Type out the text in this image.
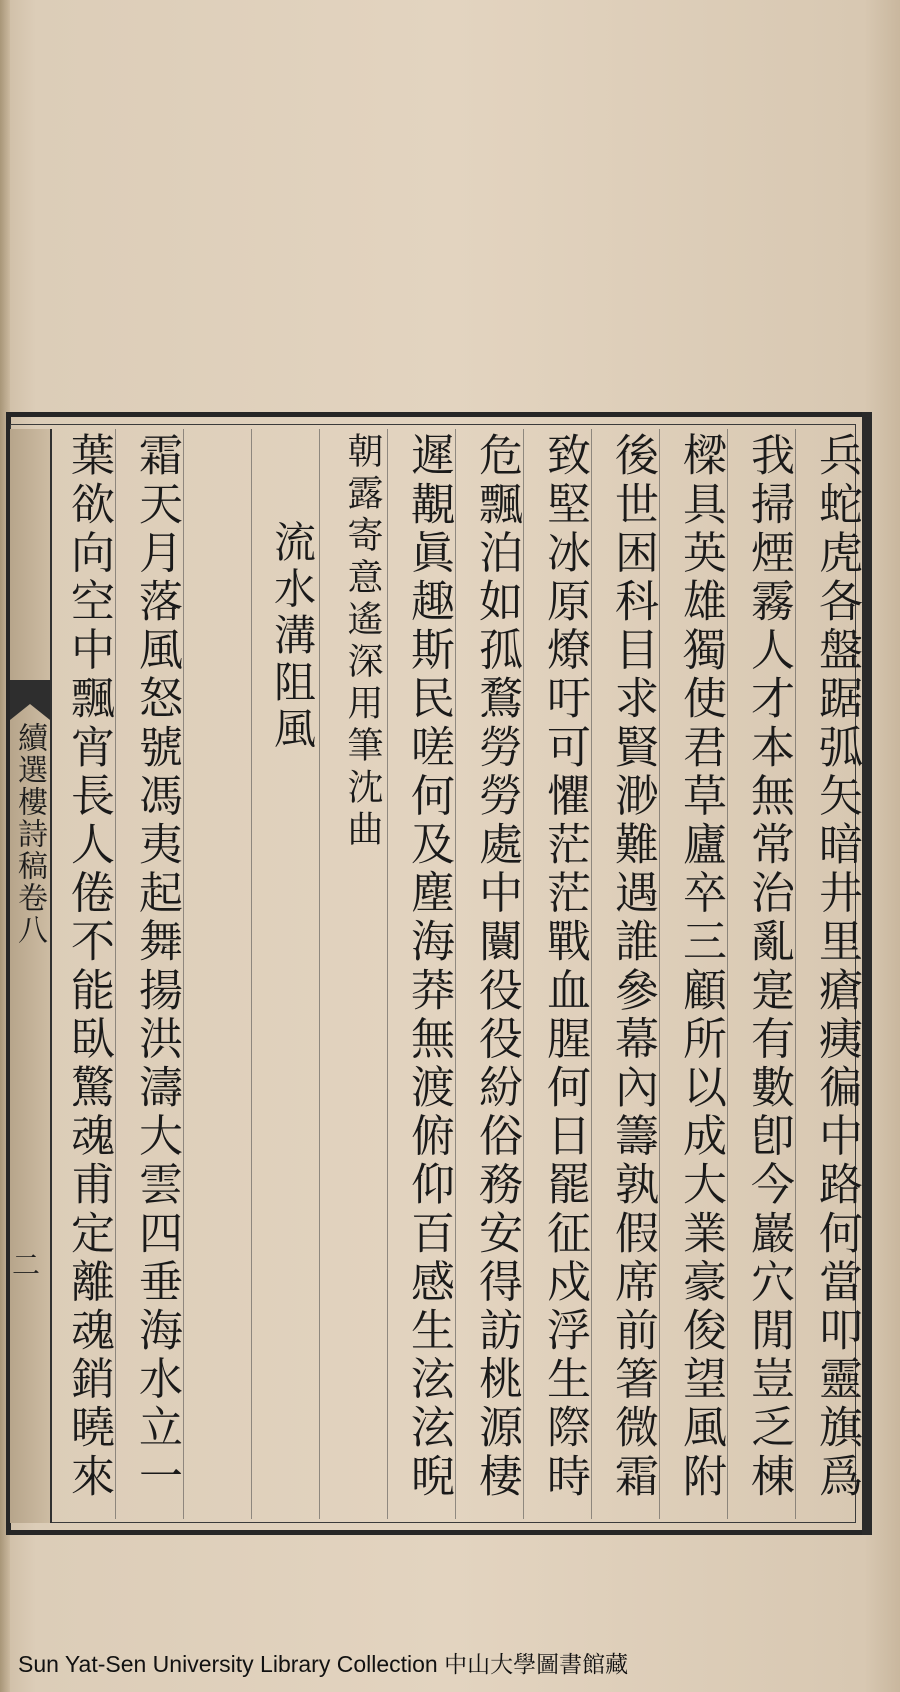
續選樓詩稿卷八
二	兵蛇虎各盤踞弧矢暗井里瘡痍徧中路何當叩靈旗爲
我掃煙霧人才本無常治亂寔有數卽今巖穴閒豈乏棟
樑具英雄獨使君草廬卒三顧所以成大業豪俊望風附
後世困科目求賢渺難遇誰參幕內籌孰假席前箸微霜
致堅冰原燎吁可懼茫茫戰血腥何日罷征戍浮生際時
危飄泊如孤鶩勞勞處中闤役役紛俗務安得訪桃源棲
遲覯眞趣斯民嗟何及塵海莽無渡俯仰百感生泫泫晲
朝露寄意遙深用筆沈曲
流水溝阻風
霜天月落風怒號馮夷起舞揚洪濤大雲四垂海水立一
葉欲向空中飄宵長人倦不能臥驚魂甫定離魂銷曉來
Sun Yat-Sen University Library Collection 中山大學圖書館藏
